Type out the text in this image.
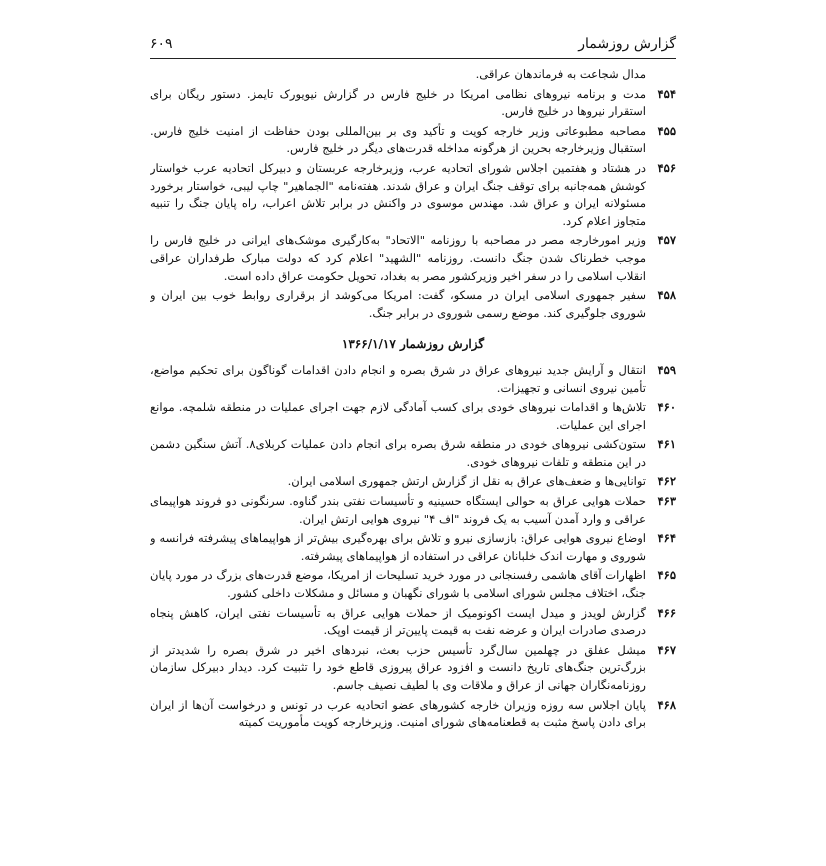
۶۰۹	گزارش روزشمار
مدال شجاعت به فرماندهان عراقی.
۴۵۴
مدت و برنامه نیروهای نظامی امریکا در خلیج فارس در گزارش نیویورک تایمز. دستور ریگان برای استقرار نیروها در خلیج فارس.
۴۵۵
مصاحبه مطبوعاتی وزیر خارجه کویت و تأکید وی بر بین‌المللی بودن حفاظت از امنیت خلیج فارس. استقبال وزیرخارجه بحرین از هرگونه مداخله قدرت‌های دیگر در خلیج فارس.
۴۵۶
در هشتاد و هفتمین اجلاس شورای اتحادیه عرب، وزیرخارجه عربستان و دبیرکل اتحادیه عرب خواستار کوشش همه‌جانبه برای توقف جنگ ایران و عراق شدند. هفته‌نامه "الجماهیر" چاپ لیبی، خواستار برخورد مسئولانه ایران و عراق شد. مهندس موسوی در واکنش در برابر تلاش اعراب، راه پایان جنگ را تنبیه متجاوز اعلام کرد.
۴۵۷
وزیر امورخارجه مصر در مصاحبه با روزنامه "الاتحاد" به‌کارگیری موشک‌های ایرانی در خلیج فارس را موجب خطرناک شدن جنگ دانست. روزنامه "الشهید" اعلام کرد که دولت مبارک طرفداران عراقی انقلاب اسلامی را در سفر اخیر وزیرکشور مصر به بغداد، تحویل حکومت عراق داده است.
۴۵۸
سفیر جمهوری اسلامی ایران در مسکو، گفت: امریکا می‌کوشد از برقراری روابط خوب بین ایران و شوروی جلوگیری کند. موضع رسمی شوروی در برابر جنگ.
گزارش روزشمار ۱۳۶۶/۱/۱۷
۴۵۹
انتقال و آرایش جدید نیروهای عراق در شرق بصره و انجام دادن اقدامات گوناگون برای تحکیم مواضع، تأمین نیروی انسانی و تجهیزات.
۴۶۰
تلاش‌ها و اقدامات نیروهای خودی برای کسب آمادگی لازم جهت اجرای عملیات در منطقه شلمچه. موانع اجرای این عملیات.
۴۶۱
ستون‌کشی نیروهای خودی در منطقه شرق بصره برای انجام دادن عملیات کربلای۸. آتش سنگین دشمن در این منطقه و تلفات نیروهای خودی.
۴۶۲
توانایی‌ها و ضعف‌های عراق به نقل از گزارش ارتش جمهوری اسلامی ایران.
۴۶۳
حملات هوایی عراق به حوالی ایستگاه حسینیه و تأسیسات نفتی بندر گناوه. سرنگونی دو فروند هواپیمای عراقی و وارد آمدن آسیب به یک فروند "اف ۴" نیروی هوایی ارتش ایران.
۴۶۴
اوضاع نیروی هوایی عراق: بازسازی نیرو و تلاش برای بهره‌گیری بیش‌تر از هواپیماهای پیشرفته فرانسه و شوروی و مهارت اندک خلبانان عراقی در استفاده از هواپیماهای پیشرفته.
۴۶۵
اظهارات آقای هاشمی رفسنجانی در مورد خرید تسلیحات از امریکا، موضع قدرت‌های بزرگ در مورد پایان جنگ، اختلاف مجلس شورای اسلامی با شورای نگهبان و مسائل و مشکلات داخلی کشور.
۴۶۶
گزارش لویدز و میدل ایست اکونومیک از حملات هوایی عراق به تأسیسات نفتی ایران، کاهش پنجاه درصدی صادرات ایران و عرضه نفت به قیمت پایین‌تر از قیمت اوپک.
۴۶۷
میشل عفلق در چهلمین سال‌گرد تأسیس حزب بعث، نبردهای اخیر در شرق بصره را شدیدتر از بزرگ‌ترین جنگ‌های تاریخ دانست و افزود عراق پیروزی قاطع خود را تثبیت کرد. دیدار دبیرکل سازمان روزنامه‌نگاران جهانی از عراق و ملاقات وی با لطیف نصیف جاسم.
۴۶۸
پایان اجلاس سه روزه وزیران خارجه کشورهای عضو اتحادیه عرب در تونس و درخواست آن‌ها از ایران برای دادن پاسخ مثبت به قطعنامه‌های شورای امنیت. وزیرخارجه کویت مأموریت کمیته
